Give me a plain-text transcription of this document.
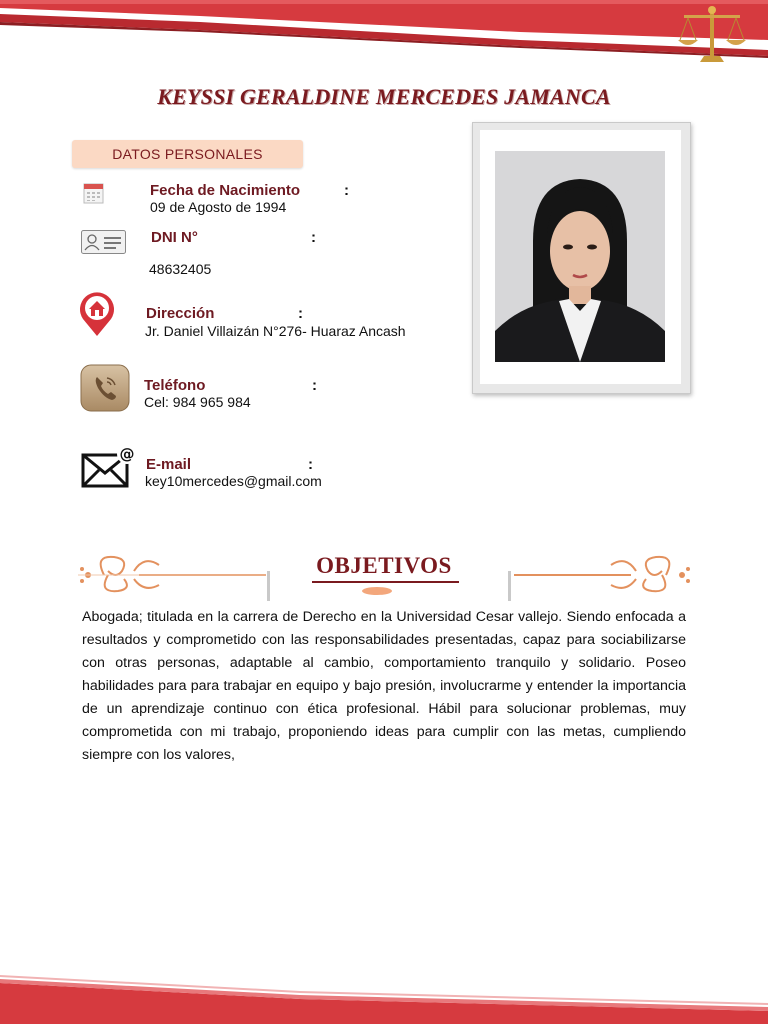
KEYSSI GERALDINE MERCEDES JAMANCA
DATOS PERSONALES
Fecha de Nacimiento	:
09 de Agosto de 1994
DNI N°	:
48632405
Dirección	:
Jr. Daniel Villaizán N°276- Huaraz Ancash
Teléfono	:
Cel: 984 965 984
@
E-mail	:
key10mercedes@gmail.com
OBJETIVOS
Abogada; titulada en la carrera de Derecho en la Universidad Cesar vallejo. Siendo enfocada a resultados y comprometido con las responsabilidades presentadas, capaz para sociabilizarse con otras personas, adaptable al cambio, comportamiento tranquilo y solidario. Poseo habilidades para para trabajar en equipo y bajo presión, involucrarme y entender la importancia de un aprendizaje continuo con ética profesional. Hábil para solucionar problemas, muy comprometida con mi trabajo, proponiendo ideas para cumplir con las metas, cumpliendo siempre con los valores,
